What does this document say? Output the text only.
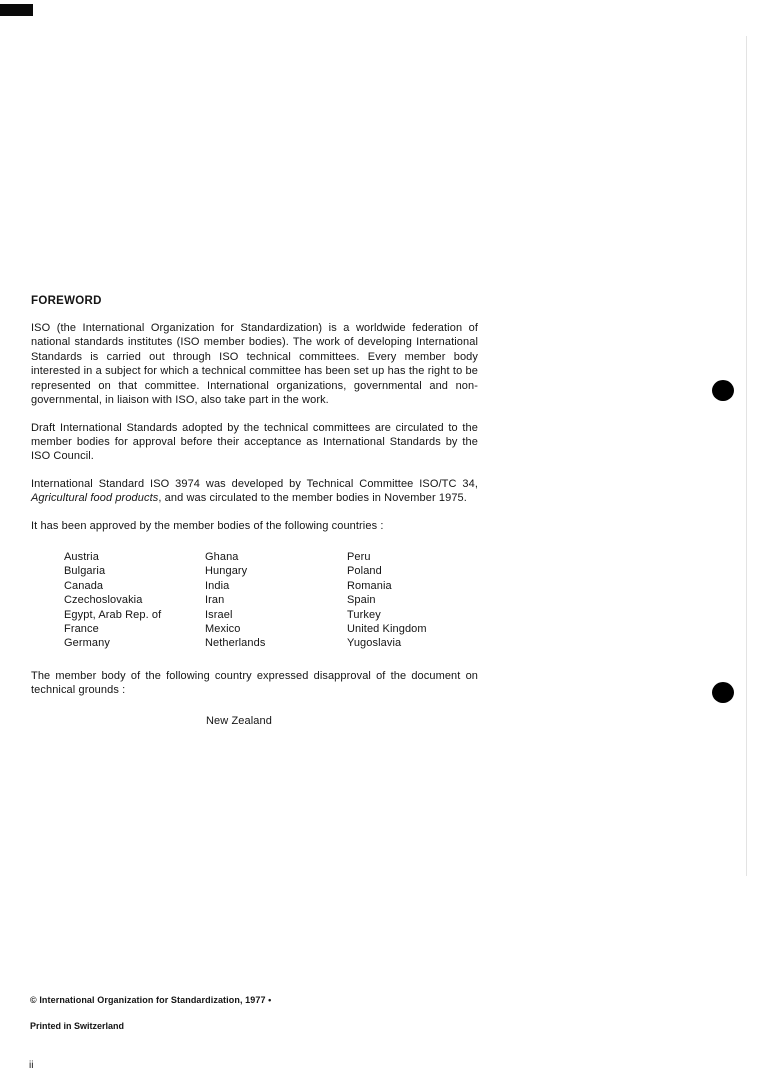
FOREWORD

ISO (the International Organization for Standardization) is a worldwide federation of national standards institutes (ISO member bodies). The work of developing International Standards is carried out through ISO technical committees. Every member body interested in a subject for which a technical committee has been set up has the right to be represented on that committee. International organizations, governmental and non-governmental, in liaison with ISO, also take part in the work.

Draft International Standards adopted by the technical committees are circulated to the member bodies for approval before their acceptance as International Standards by the ISO Council.

International Standard ISO 3974 was developed by Technical Committee ISO/TC 34, Agricultural food products, and was circulated to the member bodies in November 1975.

It has been approved by the member bodies of the following countries :

Austria
Bulgaria
Canada
Czechoslovakia
Egypt, Arab Rep. of
France
Germany
Ghana
Hungary
India
Iran
Israel
Mexico
Netherlands
Peru
Poland
Romania
Spain
Turkey
United Kingdom
Yugoslavia

The member body of the following country expressed disapproval of the document on technical grounds :

New Zealand
© International Organization for Standardization, 1977 •
Printed in Switzerland
ii
